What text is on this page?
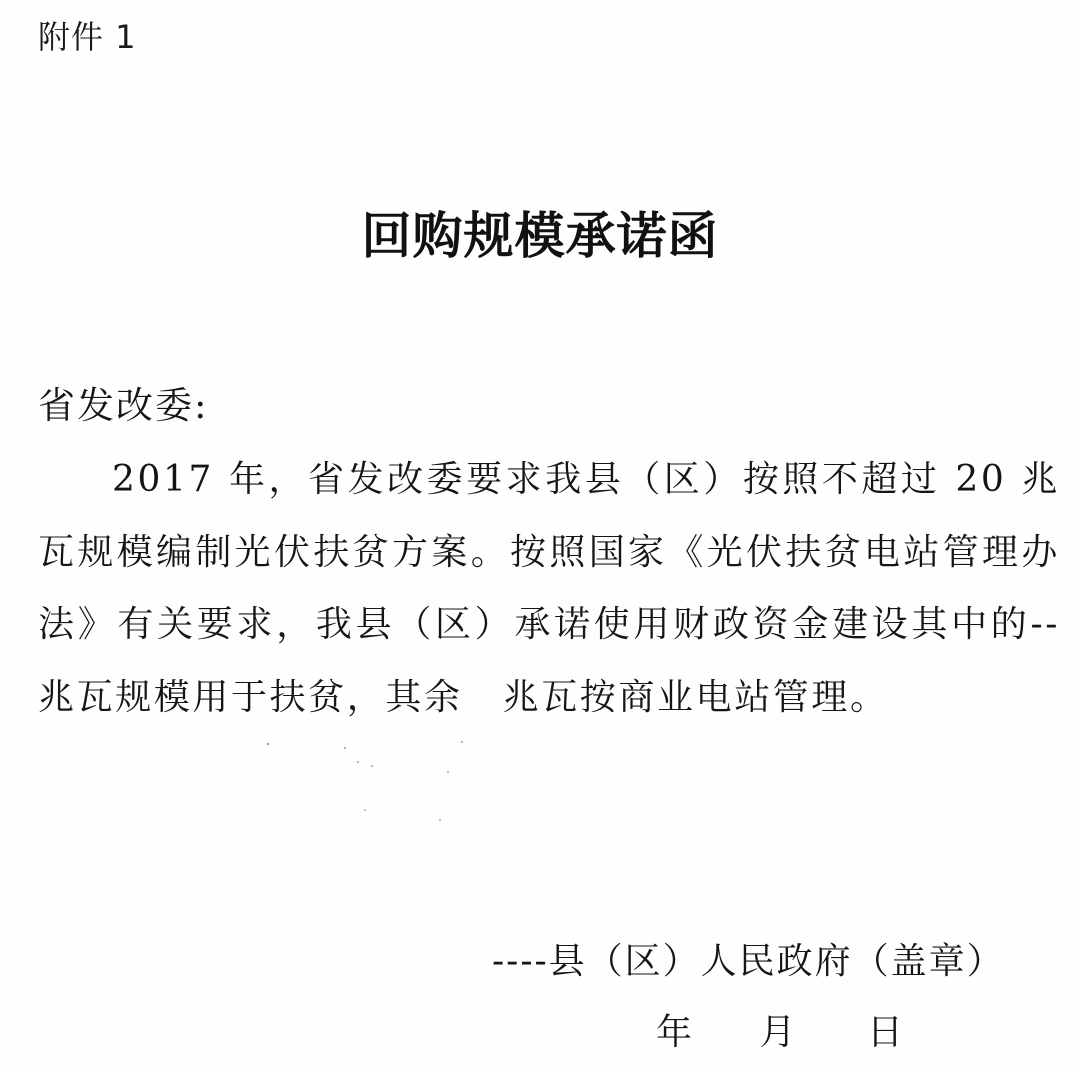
附件 1
回购规模承诺函
省发改委:
2017 年，省发改委要求我县（区）按照不超过 20 兆瓦规模编制光伏扶贫方案。按照国家《光伏扶贫电站管理办法》有关要求，我县（区）承诺使用财政资金建设其中的--兆瓦规模用于扶贫，其余 兆瓦按商业电站管理。
----县（区）人民政府（盖章）
年 月 日
